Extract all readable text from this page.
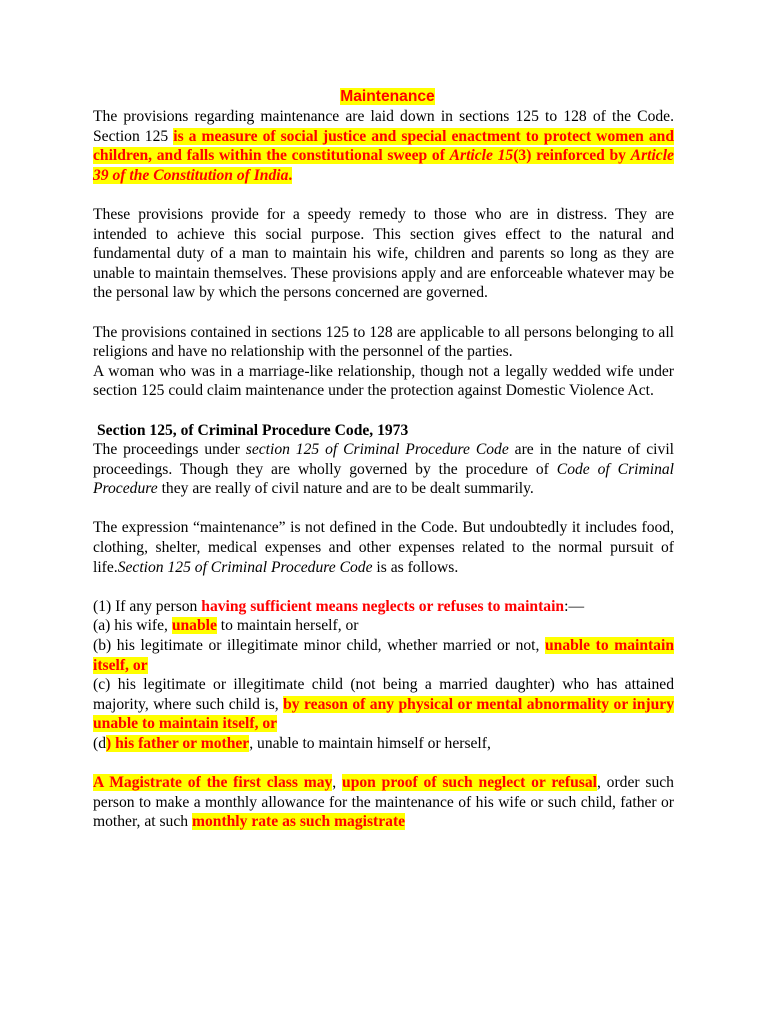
Maintenance

The provisions regarding maintenance are laid down in sections 125 to 128 of the Code. Section 125 is a measure of social justice and special enactment to protect women and children, and falls within the constitutional sweep of Article 15(3) reinforced by Article 39 of the Constitution of India.

These provisions provide for a speedy remedy to those who are in distress. They are intended to achieve this social purpose. This section gives effect to the natural and fundamental duty of a man to maintain his wife, children and parents so long as they are unable to maintain themselves. These provisions apply and are enforceable whatever may be the personal law by which the persons concerned are governed.

The provisions contained in sections 125 to 128 are applicable to all persons belonging to all religions and have no relationship with the personnel of the parties.

A woman who was in a marriage-like relationship, though not a legally wedded wife under section 125 could claim maintenance under the protection against Domestic Violence Act.

Section 125, of Criminal Procedure Code, 1973

The proceedings under section 125 of Criminal Procedure Code are in the nature of civil proceedings. Though they are wholly governed by the procedure of Code of Criminal Procedure they are really of civil nature and are to be dealt summarily.

The expression “maintenance” is not defined in the Code. But undoubtedly it includes food, clothing, shelter, medical expenses and other expenses related to the normal pursuit of life.Section 125 of Criminal Procedure Code is as follows.

(1) If any person having sufficient means neglects or refuses to maintain:—

(a) his wife, unable to maintain herself, or

(b) his legitimate or illegitimate minor child, whether married or not, unable to maintain itself, or

(c) his legitimate or illegitimate child (not being a married daughter) who has attained majority, where such child is, by reason of any physical or mental abnormality or injury unable to maintain itself, or

(d) his father or mother, unable to maintain himself or herself,

A Magistrate of the first class may, upon proof of such neglect or refusal, order such person to make a monthly allowance for the maintenance of his wife or such child, father or mother, at such monthly rate as such magistrate
